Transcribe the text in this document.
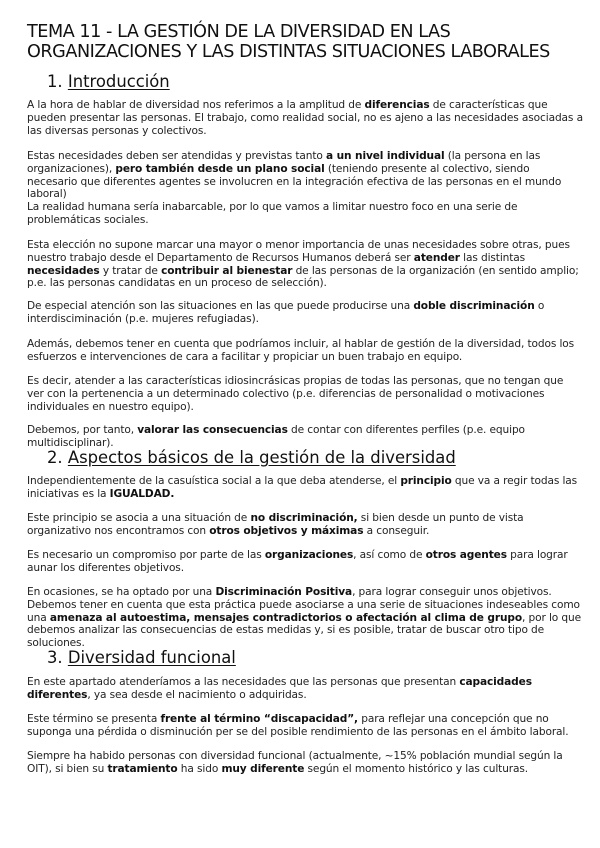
TEMA 11 - LA GESTIÓN DE LA DIVERSIDAD EN LAS
ORGANIZACIONES Y LAS DISTINTAS SITUACIONES LABORALES
1. Introducción

A la hora de hablar de diversidad nos referimos a la amplitud de diferencias de características que pueden presentar las personas. El trabajo, como realidad social, no es ajeno a las necesidades asociadas a las diversas personas y colectivos.

Estas necesidades deben ser atendidas y previstas tanto a un nivel individual (la persona en las organizaciones), pero también desde un plano social (teniendo presente al colectivo, siendo necesario que diferentes agentes se involucren en la integración efectiva de las personas en el mundo laboral)

La realidad humana sería inabarcable, por lo que vamos a limitar nuestro foco en una serie de problemáticas sociales.

Esta elección no supone marcar una mayor o menor importancia de unas necesidades sobre otras, pues nuestro trabajo desde el Departamento de Recursos Humanos deberá ser atender las distintas necesidades y tratar de contribuir al bienestar de las personas de la organización (en sentido amplio; p.e. las personas candidatas en un proceso de selección).

De especial atención son las situaciones en las que puede producirse una doble discriminación o interdisciminación (p.e. mujeres refugiadas).

Además, debemos tener en cuenta que podríamos incluir, al hablar de gestión de la diversidad, todos los esfuerzos e intervenciones de cara a facilitar y propiciar un buen trabajo en equipo.

Es decir, atender a las características idiosincrásicas propias de todas las personas, que no tengan que ver con la pertenencia a un determinado colectivo (p.e. diferencias de personalidad o motivaciones individuales en nuestro equipo).

Debemos, por tanto, valorar las consecuencias de contar con diferentes perfiles (p.e. equipo multidisciplinar).

2. Aspectos básicos de la gestión de la diversidad

Independientemente de la casuística social a la que deba atenderse, el principio que va a regir todas las iniciativas es la IGUALDAD.

Este principio se asocia a una situación de no discriminación, si bien desde un punto de vista organizativo nos encontramos con otros objetivos y máximas a conseguir.

Es necesario un compromiso por parte de las organizaciones, así como de otros agentes para lograr aunar los diferentes objetivos.

En ocasiones, se ha optado por una Discriminación Positiva, para lograr conseguir unos objetivos. Debemos tener en cuenta que esta práctica puede asociarse a una serie de situaciones indeseables como una amenaza al autoestima, mensajes contradictorios o afectación al clima de grupo, por lo que debemos analizar las consecuencias de estas medidas y, si es posible, tratar de buscar otro tipo de soluciones.

3. Diversidad funcional

En este apartado atenderíamos a las necesidades que las personas que presentan capacidades diferentes, ya sea desde el nacimiento o adquiridas.

Este término se presenta frente al término “discapacidad”, para reflejar una concepción que no suponga una pérdida o disminución per se del posible rendimiento de las personas en el ámbito laboral.

Siempre ha habido personas con diversidad funcional (actualmente, ~15% población mundial según la OIT), si bien su tratamiento ha sido muy diferente según el momento histórico y las culturas.
